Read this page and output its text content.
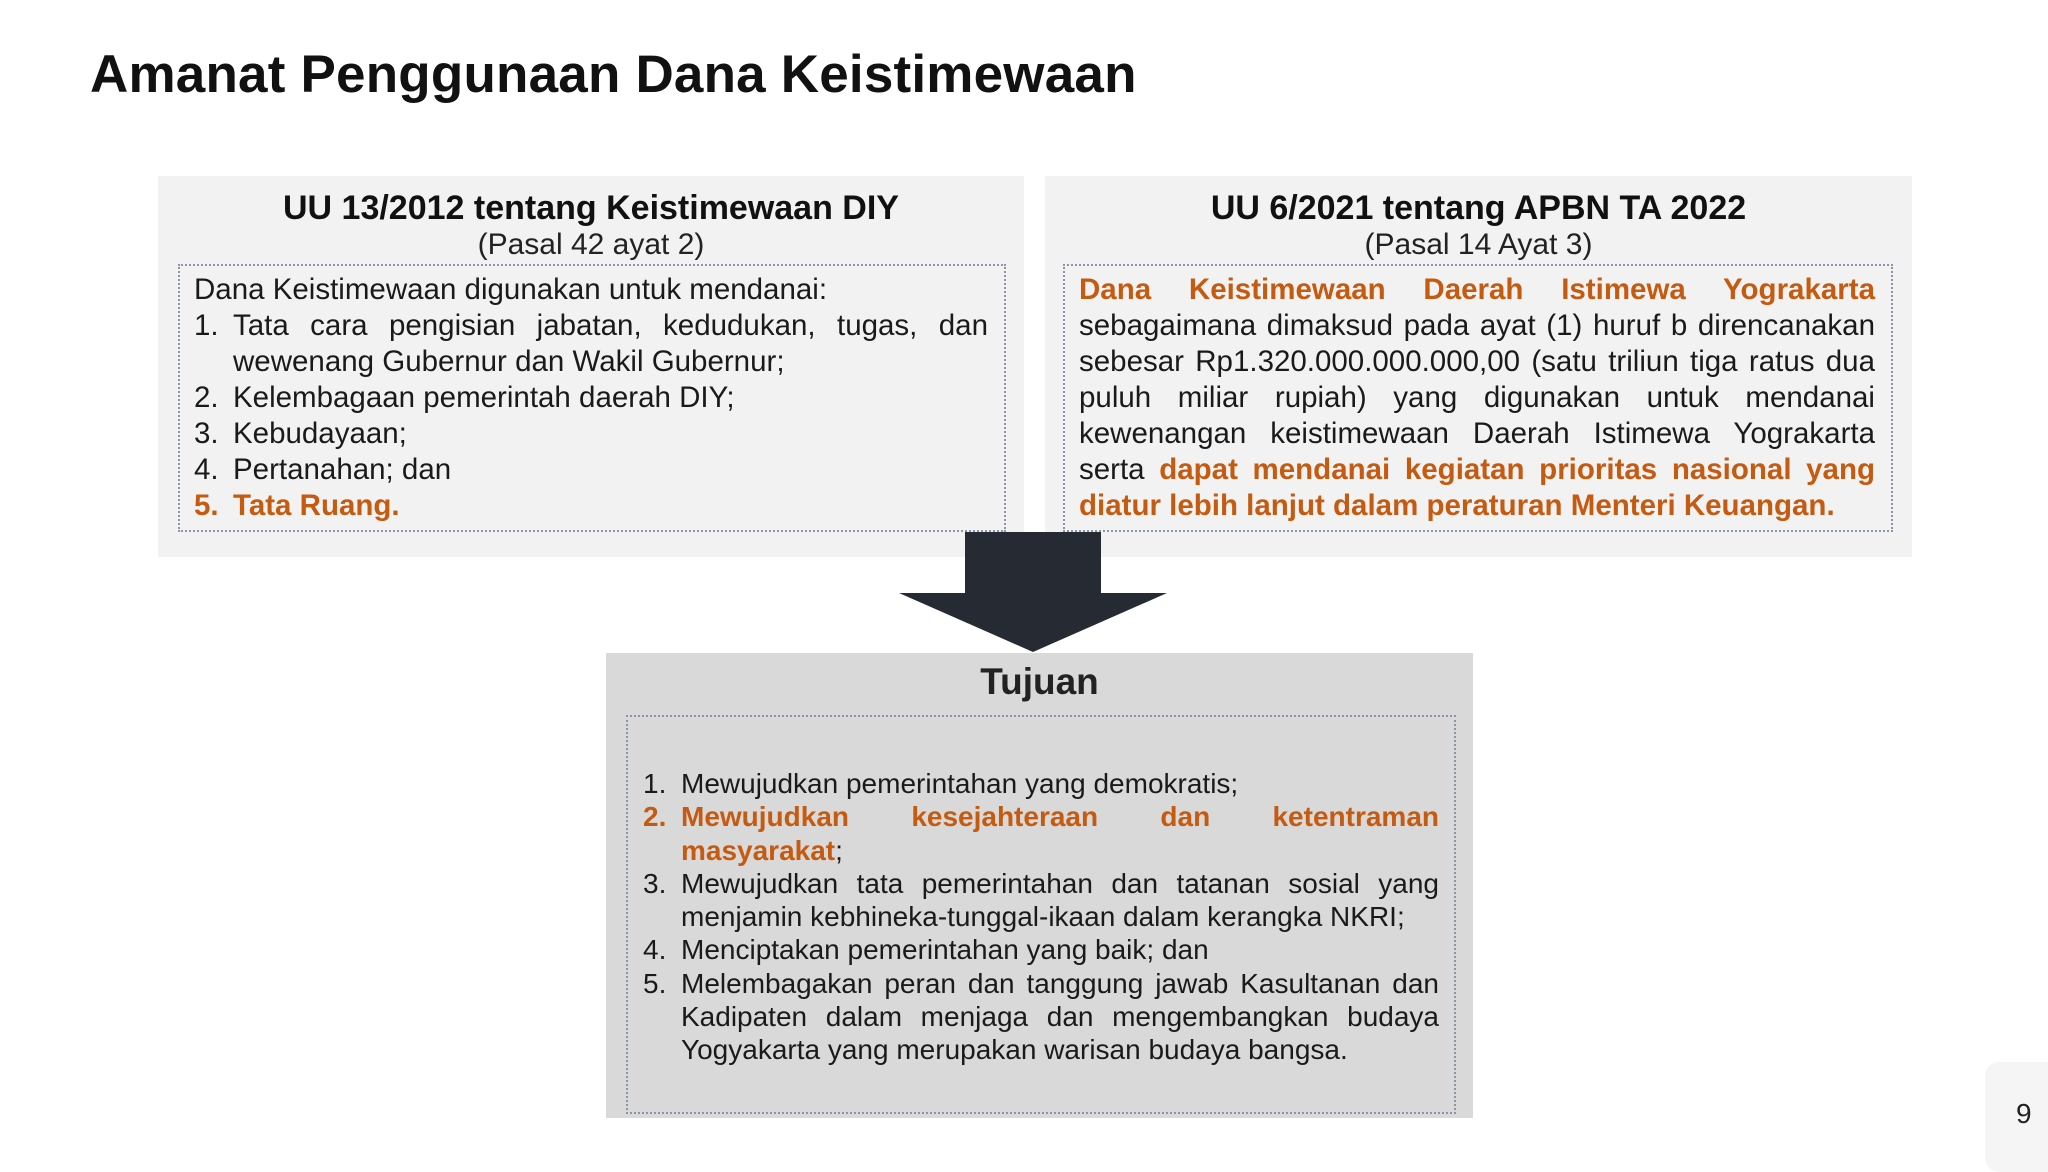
Amanat Penggunaan Dana Keistimewaan
UU 13/2012 tentang Keistimewaan DIY
(Pasal 42 ayat 2)
Dana Keistimewaan digunakan untuk mendanai:
1. Tata cara pengisian jabatan, kedudukan, tugas, dan wewenang Gubernur dan Wakil Gubernur;
2. Kelembagaan pemerintah daerah DIY;
3. Kebudayaan;
4. Pertanahan; dan
5. Tata Ruang.
UU 6/2021 tentang APBN TA 2022
(Pasal 14 Ayat 3)
Dana Keistimewaan Daerah Istimewa Yograkarta sebagaimana dimaksud pada ayat (1) huruf b direncanakan sebesar Rp1.320.000.000.000,00 (satu triliun tiga ratus dua puluh miliar rupiah) yang digunakan untuk mendanai kewenangan keistimewaan Daerah Istimewa Yograkarta serta dapat mendanai kegiatan prioritas nasional yang diatur lebih lanjut dalam peraturan Menteri Keuangan.
Tujuan
1. Mewujudkan pemerintahan yang demokratis;
2. Mewujudkan kesejahteraan dan ketentraman masyarakat;
3. Mewujudkan tata pemerintahan dan tatanan sosial yang menjamin kebhineka-tunggal-ikaan dalam kerangka NKRI;
4. Menciptakan pemerintahan yang baik; dan
5. Melembagakan peran dan tanggung jawab Kasultanan dan Kadipaten dalam menjaga dan mengembangkan budaya Yogyakarta yang merupakan warisan budaya bangsa.
9
